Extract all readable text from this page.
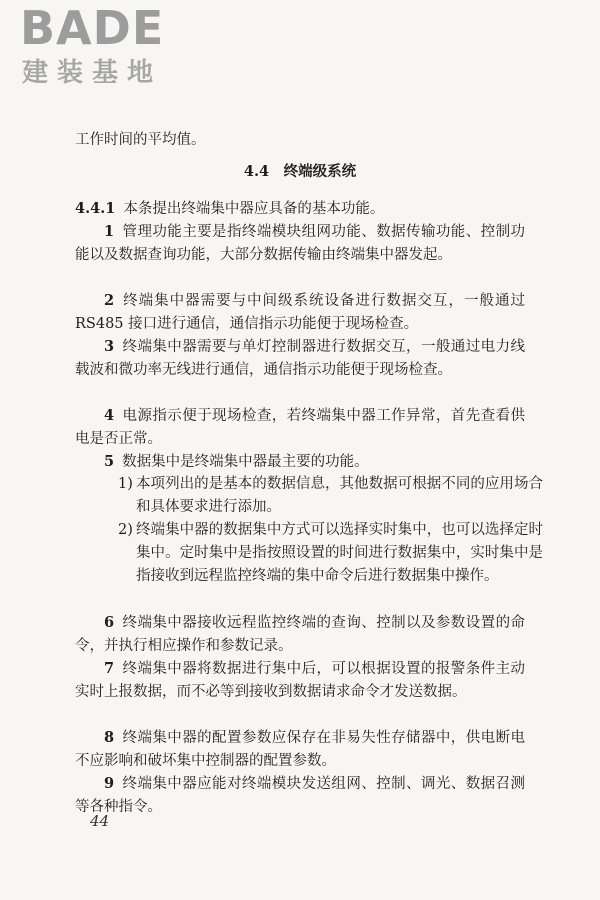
BADE
建装基地
工作时间的平均值。
4.4　终端级系统
4.4.1 本条提出终端集中器应具备的基本功能。
1 管理功能主要是指终端模块组网功能、数据传输功能、控制功能以及数据查询功能，大部分数据传输由终端集中器发起。
2 终端集中器需要与中间级系统设备进行数据交互，一般通过 RS485 接口进行通信，通信指示功能便于现场检查。
3 终端集中器需要与单灯控制器进行数据交互，一般通过电力线载波和微功率无线进行通信，通信指示功能便于现场检查。
4 电源指示便于现场检查，若终端集中器工作异常，首先查看供电是否正常。
5 数据集中是终端集中器最主要的功能。
1) 本项列出的是基本的数据信息，其他数据可根据不同的应用场合和具体要求进行添加。
2) 终端集中器的数据集中方式可以选择实时集中，也可以选择定时集中。定时集中是指按照设置的时间进行数据集中，实时集中是指接收到远程监控终端的集中命令后进行数据集中操作。
6 终端集中器接收远程监控终端的查询、控制以及参数设置的命令，并执行相应操作和参数记录。
7 终端集中器将数据进行集中后，可以根据设置的报警条件主动实时上报数据，而不必等到接收到数据请求命令才发送数据。
8 终端集中器的配置参数应保存在非易失性存储器中，供电断电不应影响和破坏集中控制器的配置参数。
9 终端集中器应能对终端模块发送组网、控制、调光、数据召测等各种指令。
44
